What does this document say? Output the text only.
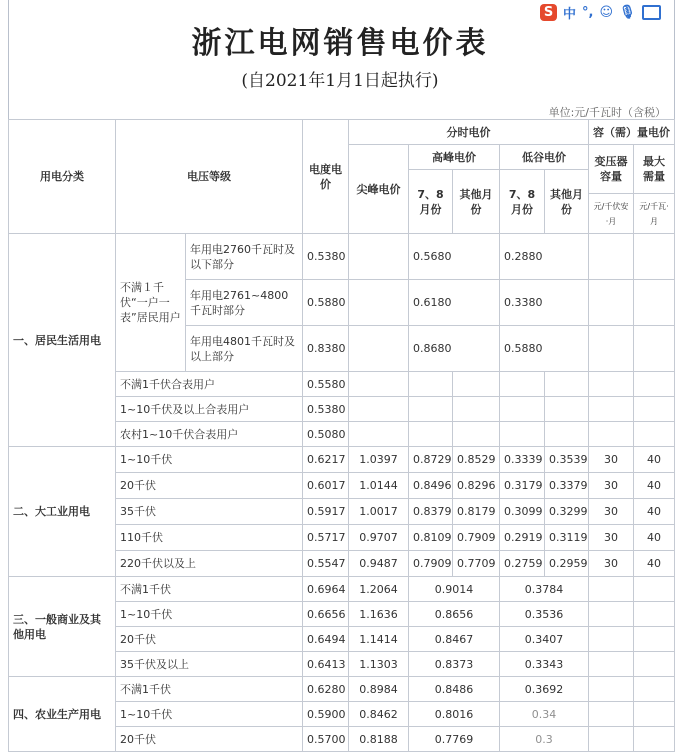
S 中 °, ☺ 🎙
浙江电网销售电价表
(自2021年1月1日起执行)
单位:元/千瓦时（含税）
用电分类	电压等级		电度电价	分时电价					容（需）量电价	
				尖峰电价	高峰电价		低谷电价		变压器容量	最大需量
					7、8月份	其他月份	7、8月份	其他月份		
									元/千伏安·月	元/千瓦·月
一、居民生活用电	不满１千伏“一户一表”居民用户	年用电2760千瓦时及以下部分	0.5380		0.5680		0.2880			
		年用电2761~4800千瓦时部分	0.5880		0.6180		0.3380			
		年用电4801千瓦时及以上部分	0.8380		0.8680		0.5880			
	不满1千伏合表用户		0.5580							
	1~10千伏及以上合表用户		0.5380							
	农村1~10千伏合表用户		0.5080							
二、大工业用电	1~10千伏		0.6217	1.0397	0.8729	0.8529	0.3339	0.3539	30	40
	20千伏		0.6017	1.0144	0.8496	0.8296	0.3179	0.3379	30	40
	35千伏		0.5917	1.0017	0.8379	0.8179	0.3099	0.3299	30	40
	110千伏		0.5717	0.9707	0.8109	0.7909	0.2919	0.3119	30	40
	220千伏以及上		0.5547	0.9487	0.7909	0.7709	0.2759	0.2959	30	40
三、一般商业及其他用电	不满1千伏		0.6964	1.2064	0.9014		0.3784			
	1~10千伏		0.6656	1.1636	0.8656		0.3536			
	20千伏		0.6494	1.1414	0.8467		0.3407			
	35千伏及以上		0.6413	1.1303	0.8373		0.3343			
四、农业生产用电	不满1千伏		0.6280	0.8984	0.8486		0.3692			
	1~10千伏		0.5900	0.8462	0.8016		0.34			
	20千伏		0.5700	0.8188	0.7769		0.3			
